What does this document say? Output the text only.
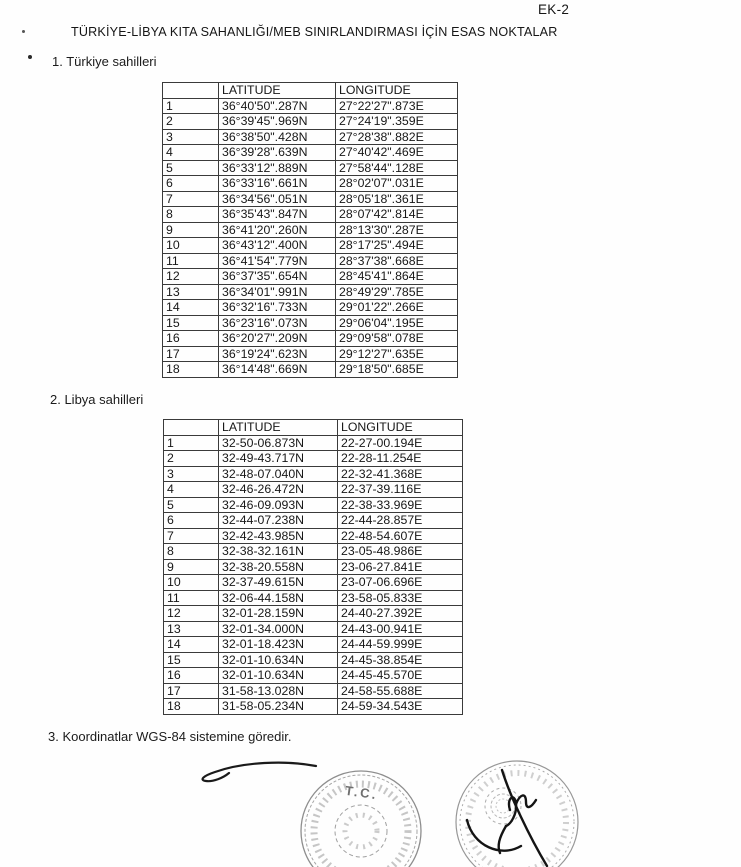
EK-2
TÜRKİYE-LİBYA KITA SAHANLIĞI/MEB SINIRLANDIRMASI İÇİN ESAS NOKTALAR
1. Türkiye sahilleri
	LATITUDE	LONGITUDE
1	36°40'50".287N	27°22'27".873E
2	36°39'45".969N	27°24'19".359E
3	36°38'50".428N	27°28'38".882E
4	36°39'28".639N	27°40'42".469E
5	36°33'12".889N	27°58'44".128E
6	36°33'16".661N	28°02'07".031E
7	36°34'56".051N	28°05'18".361E
8	36°35'43".847N	28°07'42".814E
9	36°41'20".260N	28°13'30".287E
10	36°43'12".400N	28°17'25".494E
11	36°41'54".779N	28°37'38".668E
12	36°37'35".654N	28°45'41".864E
13	36°34'01".991N	28°49'29".785E
14	36°32'16".733N	29°01'22".266E
15	36°23'16".073N	29°06'04".195E
16	36°20'27".209N	29°09'58".078E
17	36°19'24".623N	29°12'27".635E
18	36°14'48".669N	29°18'50".685E
2. Libya sahilleri
	LATITUDE	LONGITUDE
1	32-50-06.873N	22-27-00.194E
2	32-49-43.717N	22-28-11.254E
3	32-48-07.040N	22-32-41.368E
4	32-46-26.472N	22-37-39.116E
5	32-46-09.093N	22-38-33.969E
6	32-44-07.238N	22-44-28.857E
7	32-42-43.985N	22-48-54.607E
8	32-38-32.161N	23-05-48.986E
9	32-38-20.558N	23-06-27.841E
10	32-37-49.615N	23-07-06.696E
11	32-06-44.158N	23-58-05.833E
12	32-01-28.159N	24-40-27.392E
13	32-01-34.000N	24-43-00.941E
14	32-01-18.423N	24-44-59.999E
15	32-01-10.634N	24-45-38.854E
16	32-01-10.634N	24-45-45.570E
17	31-58-13.028N	24-58-55.688E
18	31-58-05.234N	24-59-34.543E
3. Koordinatlar WGS-84 sistemine göredir.
T.C.
